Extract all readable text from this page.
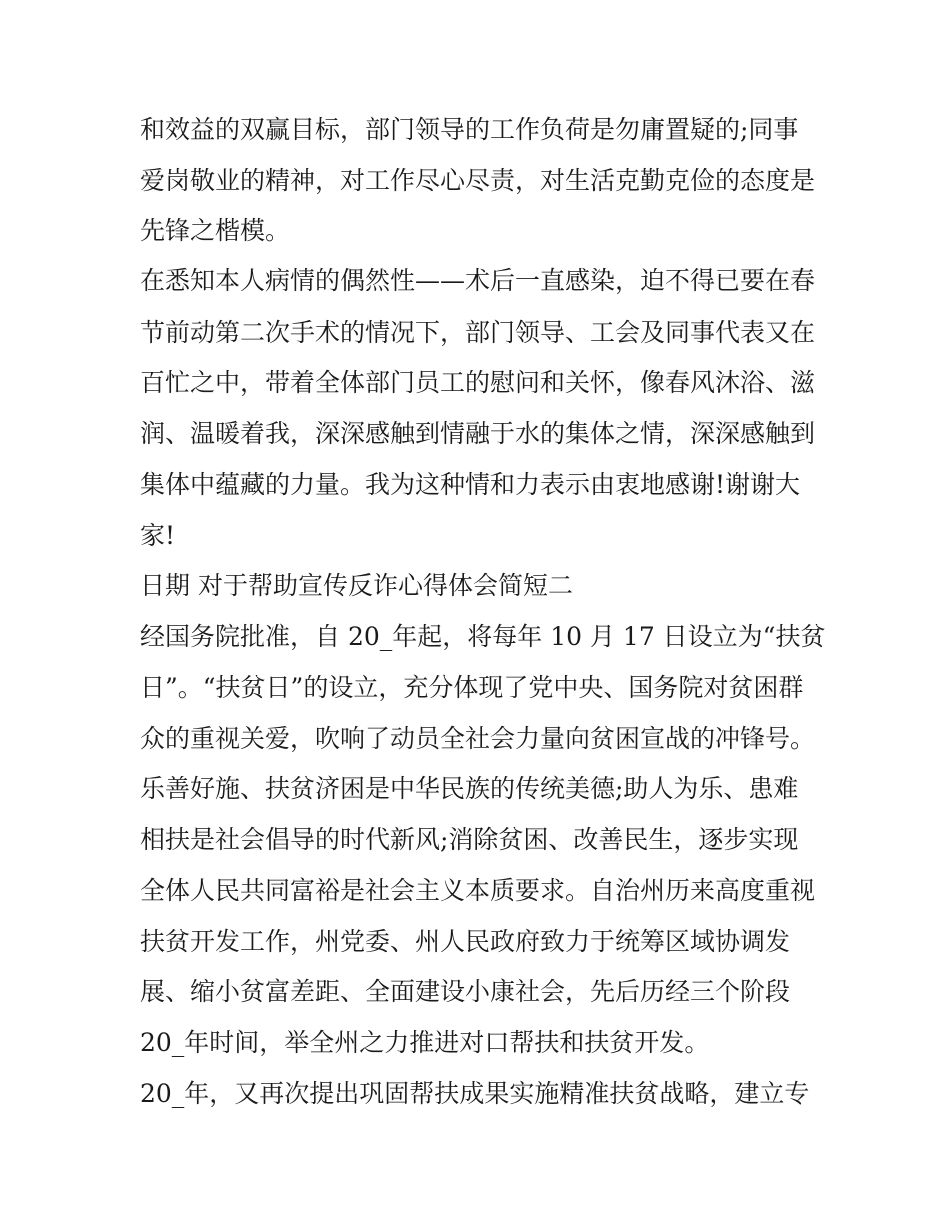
和效益的双赢目标，部门领导的工作负荷是勿庸置疑的;同事

爱岗敬业的精神，对工作尽心尽责，对生活克勤克俭的态度是

先锋之楷模。

在悉知本人病情的偶然性——术后一直感染，迫不得已要在春

节前动第二次手术的情况下，部门领导、工会及同事代表又在

百忙之中，带着全体部门员工的慰问和关怀，像春风沐浴、滋

润、温暖着我，深深感触到情融于水的集体之情，深深感触到

集体中蕴藏的力量。我为这种情和力表示由衷地感谢!谢谢大

家!

日期 对于帮助宣传反诈心得体会简短二

经国务院批准，自 20_年起，将每年 10 月 17 日设立为“扶贫

日”。“扶贫日”的设立，充分体现了党中央、国务院对贫困群

众的重视关爱，吹响了动员全社会力量向贫困宣战的冲锋号。

乐善好施、扶贫济困是中华民族的传统美德;助人为乐、患难

相扶是社会倡导的时代新风;消除贫困、改善民生，逐步实现

全体人民共同富裕是社会主义本质要求。自治州历来高度重视

扶贫开发工作，州党委、州人民政府致力于统筹区域协调发

展、缩小贫富差距、全面建设小康社会，先后历经三个阶段

20_年时间，举全州之力推进对口帮扶和扶贫开发。

20_年，又再次提出巩固帮扶成果实施精准扶贫战略，建立专
